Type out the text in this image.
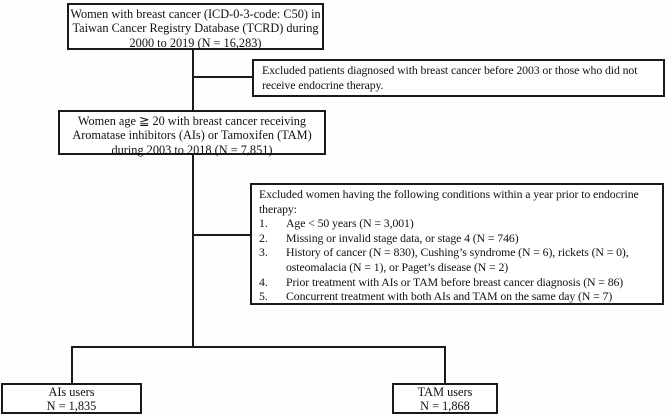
Women with breast cancer (ICD-0-3-code: C50) in
Taiwan Cancer Registry Database (TCRD) during
2000 to 2019 (N = 16,283)
Excluded patients diagnosed with breast cancer before 2003 or those who did not
receive endocrine therapy.
Women age ≧ 20 with breast cancer receiving
Aromatase inhibitors (AIs) or Tamoxifen (TAM)
during 2003 to 2018 (N = 7,851)
Excluded women having the following conditions within a year prior to endocrine
therapy:
1.	Age < 50 years (N = 3,001)
2.	Missing or invalid stage data, or stage 4 (N = 746)
3.	History of cancer (N = 830), Cushing’s syndrome (N = 6), rickets (N = 0),
osteomalacia (N = 1), or Paget’s disease (N = 2)
4.	Prior treatment with AIs or TAM before breast cancer diagnosis (N = 86)
5.	Concurrent treatment with both AIs and TAM on the same day (N = 7)
AIs users
N = 1,835
TAM users
N = 1,868
